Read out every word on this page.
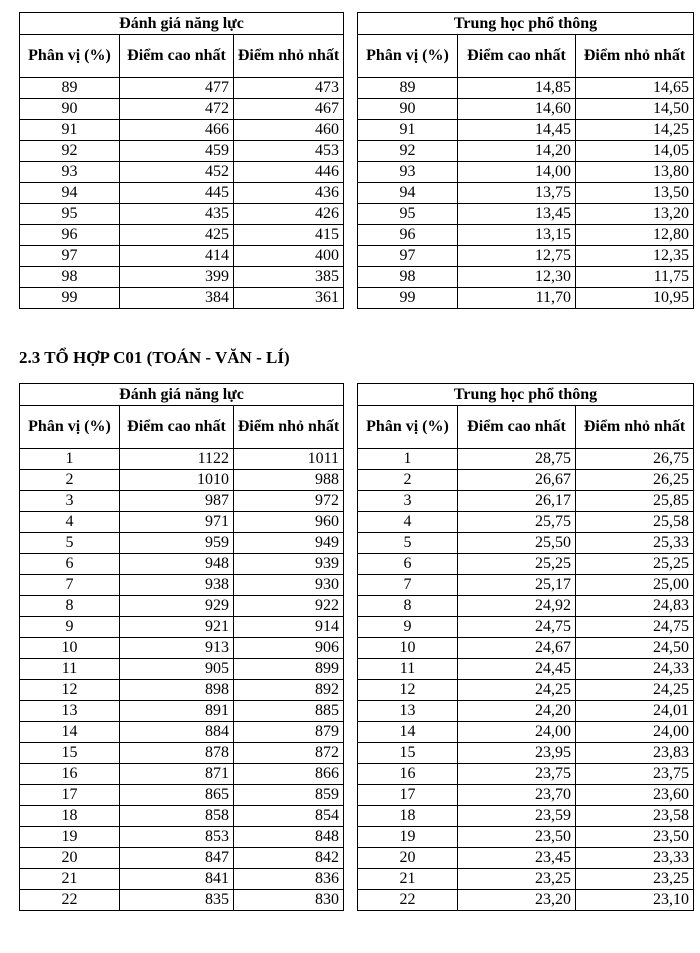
Đánh giá năng lực		
Phân vị (%)	Điểm cao nhất	Điểm nhỏ nhất
89	477	473
90	472	467
91	466	460
92	459	453
93	452	446
94	445	436
95	435	426
96	425	415
97	414	400
98	399	385
99	384	361
Trung học phổ thông		
Phân vị (%)	Điểm cao nhất	Điểm nhỏ nhất
89	14,85	14,65
90	14,60	14,50
91	14,45	14,25
92	14,20	14,05
93	14,00	13,80
94	13,75	13,50
95	13,45	13,20
96	13,15	12,80
97	12,75	12,35
98	12,30	11,75
99	11,70	10,95
2.3 TỔ HỢP C01 (TOÁN - VĂN - LÍ)
Đánh giá năng lực		
Phân vị (%)	Điểm cao nhất	Điểm nhỏ nhất
1	1122	1011
2	1010	988
3	987	972
4	971	960
5	959	949
6	948	939
7	938	930
8	929	922
9	921	914
10	913	906
11	905	899
12	898	892
13	891	885
14	884	879
15	878	872
16	871	866
17	865	859
18	858	854
19	853	848
20	847	842
21	841	836
22	835	830
Trung học phổ thông		
Phân vị (%)	Điểm cao nhất	Điểm nhỏ nhất
1	28,75	26,75
2	26,67	26,25
3	26,17	25,85
4	25,75	25,58
5	25,50	25,33
6	25,25	25,25
7	25,17	25,00
8	24,92	24,83
9	24,75	24,75
10	24,67	24,50
11	24,45	24,33
12	24,25	24,25
13	24,20	24,01
14	24,00	24,00
15	23,95	23,83
16	23,75	23,75
17	23,70	23,60
18	23,59	23,58
19	23,50	23,50
20	23,45	23,33
21	23,25	23,25
22	23,20	23,10
